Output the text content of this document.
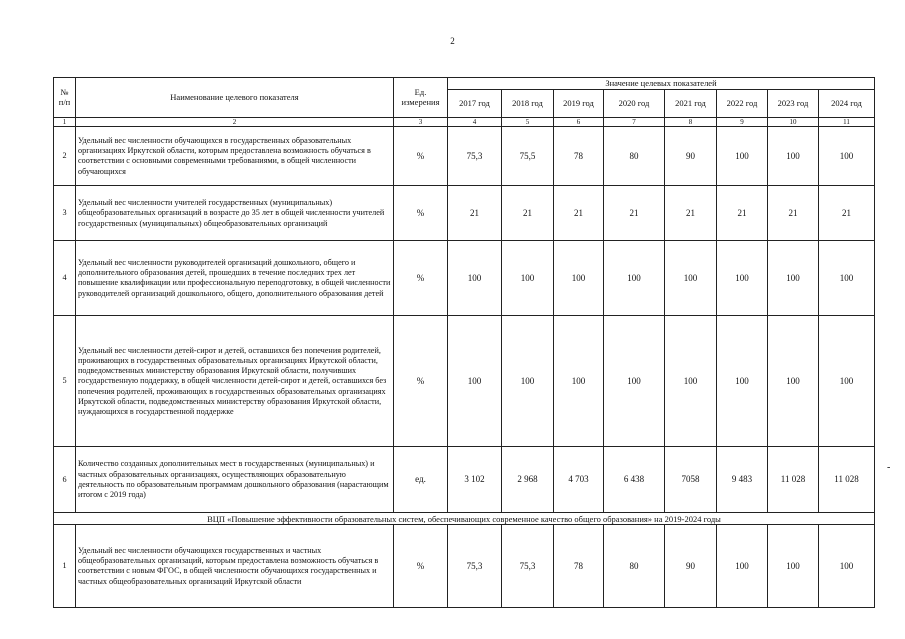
2
№ п/п	Наименование целевого показателя	Ед. измерения	Значение целевых показателей							
			2017 год	2018 год	2019 год	2020 год	2021 год	2022 год	2023 год	2024 год
1	2	3	4	5	6	7	8	9	10	11
2	Удельный вес численности обучающихся в государственных образовательных организациях Иркутской области, которым предоставлена возможность обучаться в соответствии с основными современными требованиями, в общей численности обучающихся	%	75,3	75,5	78	80	90	100	100	100
3	Удельный вес численности учителей государственных (муниципальных) общеобразовательных организаций в возрасте до 35 лет в общей численности учителей государственных (муниципальных) общеобразовательных организаций	%	21	21	21	21	21	21	21	21
4	Удельный вес численности руководителей организаций дошкольного, общего и дополнительного образования детей, прошедших в течение последних трех лет повышение квалификации или профессиональную переподготовку, в общей численности руководителей организаций дошкольного, общего, дополнительного образования детей	%	100	100	100	100	100	100	100	100
5	Удельный вес численности детей-сирот и детей, оставшихся без попечения родителей, проживающих в государственных образовательных организациях Иркутской области, подведомственных министерству образования Иркутской области, получивших государственную поддержку, в общей численности детей-сирот и детей, оставшихся без попечения родителей, проживающих в государственных образовательных организациях Иркутской области, подведомственных министерству образования Иркутской области, нуждающихся в государственной поддержке	%	100	100	100	100	100	100	100	100
6	Количество созданных дополнительных мест в государственных (муниципальных) и частных образовательных организациях, осуществляющих образовательную деятельность по образовательным программам дошкольного образования (нарастающим итогом с 2019 года)	ед.	3 102	2 968	4 703	6 438	7058	9 483	11 028	11 028
ВЦП «Повышение эффективности образовательных систем, обеспечивающих современное качество общего образования» на 2019-2024 годы										
1	Удельный вес численности обучающихся государственных и частных общеобразовательных организаций, которым предоставлена возможность обучаться в соответствии с новым ФГОС, в общей численности обучающихся государственных и частных общеобразовательных организаций Иркутской области	%	75,3	75,3	78	80	90	100	100	100
-
